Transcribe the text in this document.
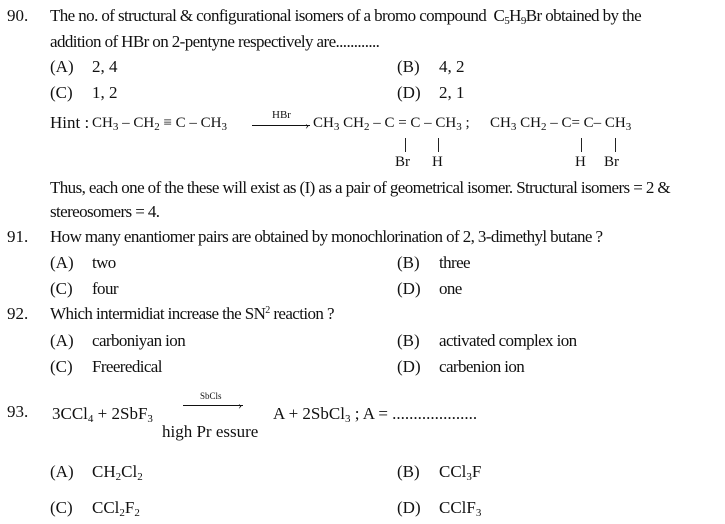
90. The no. of structural & configurational isomers of a bromo compound $C_5H_9Br$ obtained by the
addition of HBr on 2-pentyne respectively are............
(A) 2, 4	(B) 4, 2
(C) 1, 2	(D) 2, 1
Hint : $CH_3 - CH_2 \equiv C - CH_3$
HBr
› $CH_3$ $CH_2 - C = C - CH_3$ ; $CH_3$ $CH_2 - C= C-$ $CH_3$
Br H	H Br
Thus, each one of the these will exist as (I) as a pair of geometrical isomer. Structural isomers = 2 &
stereosomers = 4.
91. How many enantiomer pairs are obtained by monochlorination of 2, 3-dimethyl butane ?
(A) two	(B) three
(C) four	(D) one
92. Which intermidiat increase the $SN^2$ reaction ?
(A) carboniyan ion	(B) activated complex ion
(C) Freeredical	(D) carbenion ion
93. 3CCl$_4$ + 2SbF$_3$
SbCls
›
high Pr essure
A + 2SbCl$_3$ ; A = ....................
(A) $CH_2Cl_2$	(B) CCl$_3$F
(C) $CCl_2F_2$	(D) CClF$_3$
